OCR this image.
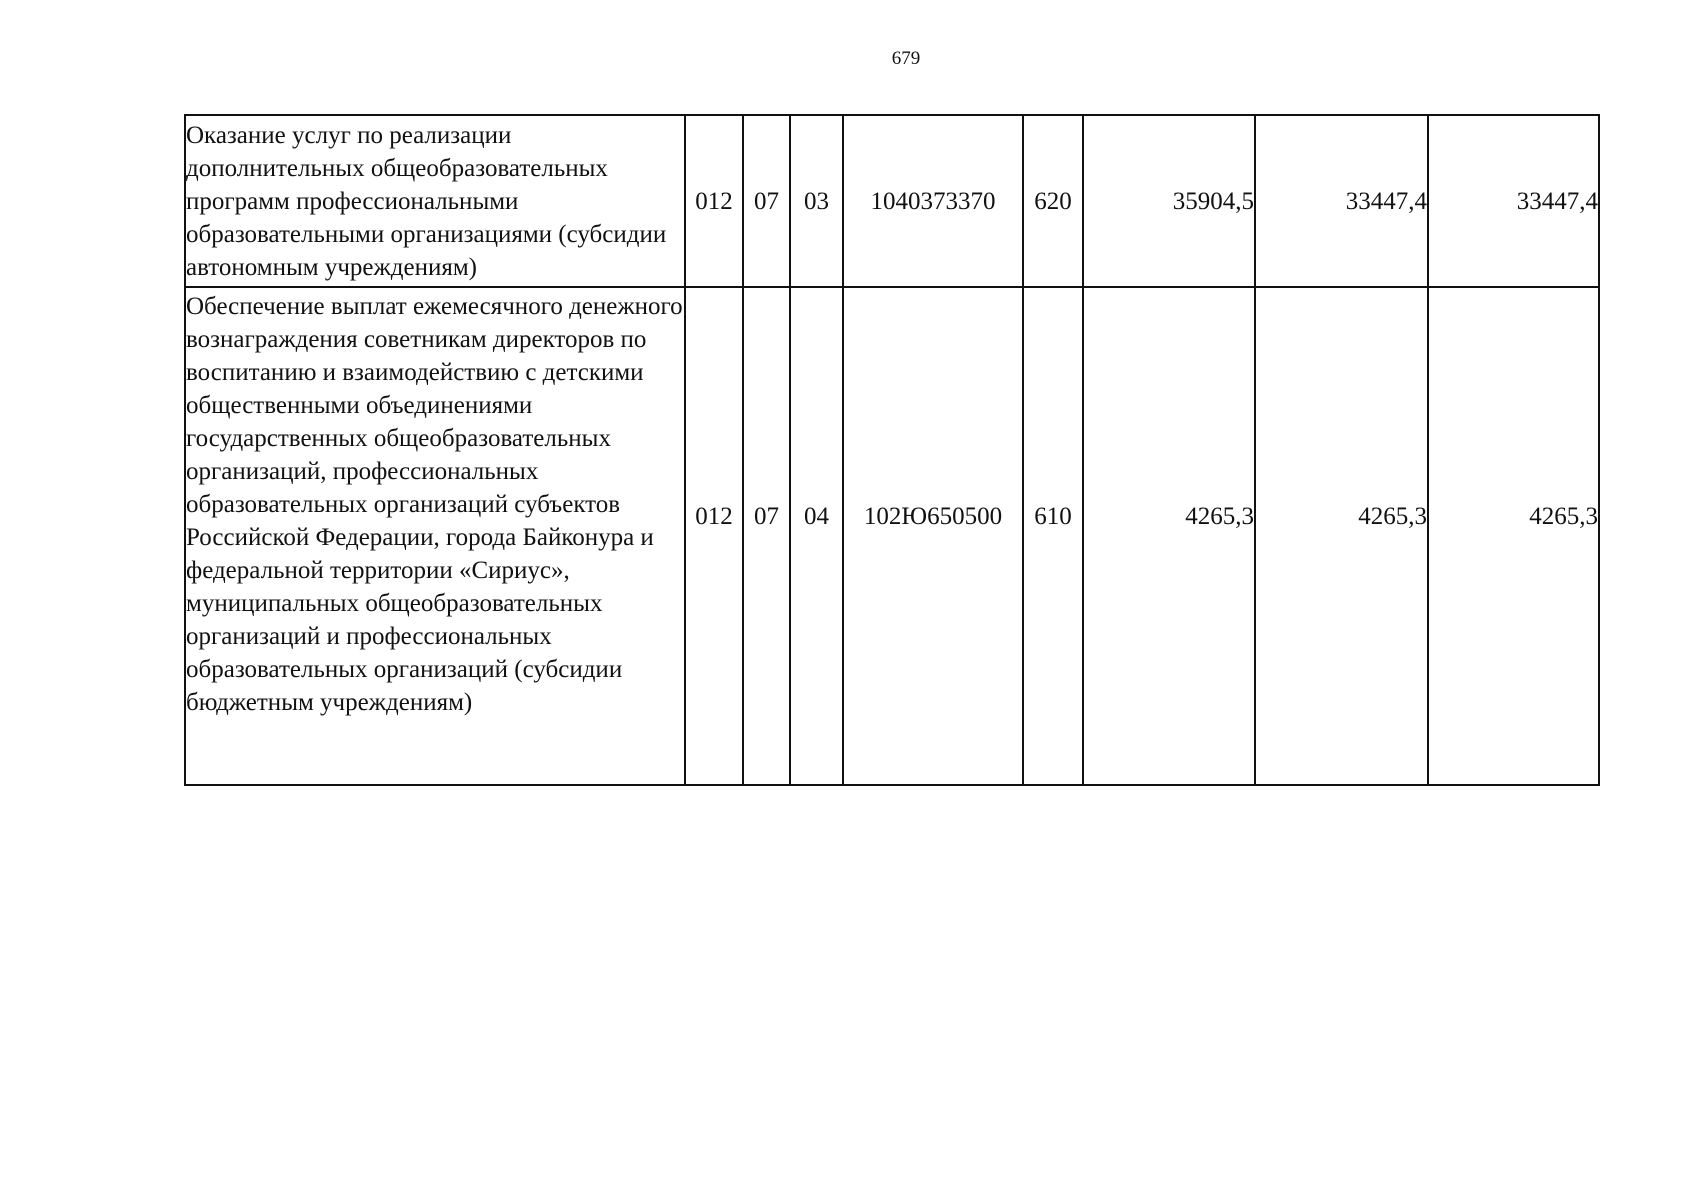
679
Оказание услуг по реализации дополнительных общеобразовательных программ профессиональными образовательными организациями (субсидии автономным учреждениям)	012	07	03	1040373370	620	35904,5	33447,4	33447,4
Обеспечение выплат ежемесячного денежного вознаграждения советникам директоров по воспитанию и взаимодействию с детскими общественными объединениями государственных общеобразовательных организаций, профессиональных образовательных организаций субъектов Российской Федерации, города Байконура и федеральной территории «Сириус», муниципальных общеобразовательных организаций и профессиональных образовательных организаций (субсидии бюджетным учреждениям)	012	07	04	102Ю650500	610	4265,3	4265,3	4265,3
